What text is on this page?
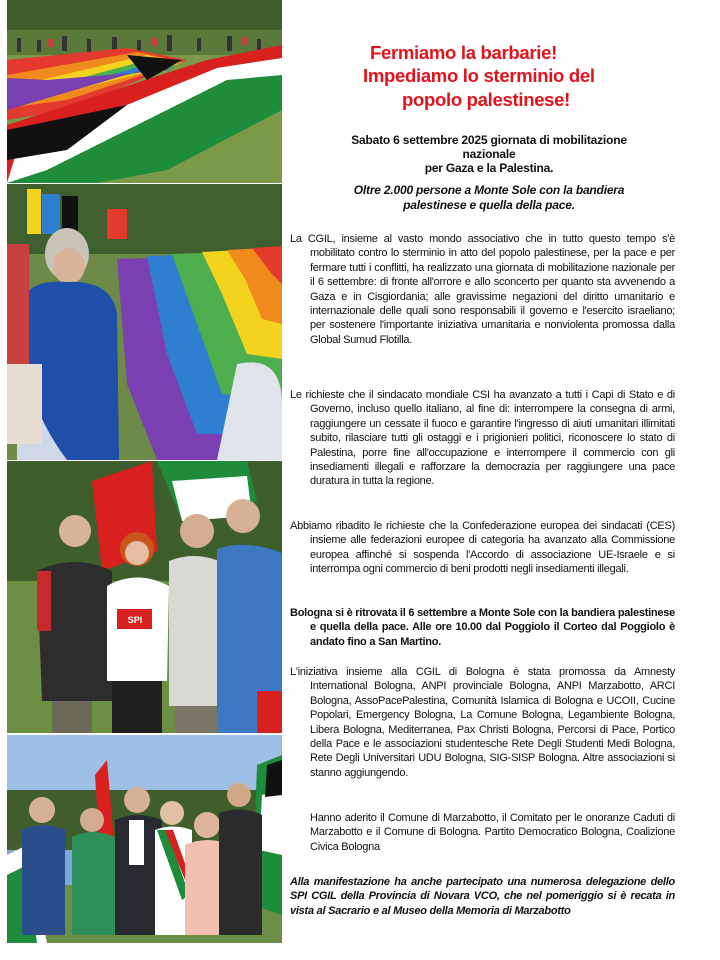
SPI
Fermiamo la barbarie!
Impediamo lo sterminio del
popolo palestinese!
Sabato 6 settembre 2025 giornata di mobilitazione
nazionale
per Gaza e la Palestina.
Oltre 2.000 persone a Monte Sole con la bandiera
palestinese e quella della pace.

La CGIL, insieme al vasto mondo associativo che in tutto questo tempo s'è mobilitato contro lo sterminio in atto del popolo palestinese, per la pace e per fermare tutti i conflitti, ha realizzato una giornata di mobilitazione nazionale per il 6 settembre: di fronte all'orrore e allo sconcerto per quanto sta avvenendo a Gaza e in Cisgiordania; alle gravissime negazioni del diritto umanitario e internazionale delle quali sono responsabili il governo e l'esercito israeliano; per sostenere l'importante iniziativa umanitaria e nonviolenta promossa dalla Global Sumud Flotilla.

Le richieste che il sindacato mondiale CSI ha avanzato a tutti i Capi di Stato e di Governo, incluso quello italiano, al fine di: interrompere la consegna di armi, raggiungere un cessate il fuoco e garantire l'ingresso di aiuti umanitari illimitati subito, rilasciare tutti gli ostaggi e i prigionieri politici, riconoscere lo stato di Palestina, porre fine all'occupazione e interrompere il commercio con gli insediamenti illegali e rafforzare la democrazia per raggiungere una pace duratura in tutta la regione.

Abbiamo ribadito le richieste che la Confederazione europea dei sindacati (CES) insieme alle federazioni europee di categoria ha avanzato alla Commissione europea affinché si sospenda l'Accordo di associazione UE-Israele e si interrompa ogni commercio di beni prodotti negli insediamenti illegali.

Bologna si è ritrovata il 6 settembre a Monte Sole con la bandiera palestinese e quella della pace. Alle ore 10.00 dal Poggiolo il Corteo dal Poggiolo è andato fino a San Martino.

L'iniziativa insieme alla CGIL di Bologna è stata promossa da Amnesty International Bologna, ANPI provinciale Bologna, ANPI Marzabotto, ARCI Bologna, AssoPacePalestina, Comunità Islamica di Bologna e UCOII, Cucine Popolari, Emergency Bologna, La Comune Bologna, Legambiente Bologna, Libera Bologna, Mediterranea, Pax Christi Bologna, Percorsi di Pace, Portico della Pace e le associazioni studentesche Rete Degli Studenti Medi Bologna, Rete Degli Universitari UDU Bologna, SIG-SISP Bologna. Altre associazioni si stanno aggiungendo.

Hanno aderito il Comune di Marzabotto, il Comitato per le onoranze Caduti di Marzabotto e il Comune di Bologna. Partito Democratico Bologna, Coalizione Civica Bologna

Alla manifestazione ha anche partecipato una numerosa delegazione dello SPI CGIL della Provincia di Novara VCO, che nel pomeriggio si è recata in vista al Sacrario e al Museo della Memoria di Marzabotto
